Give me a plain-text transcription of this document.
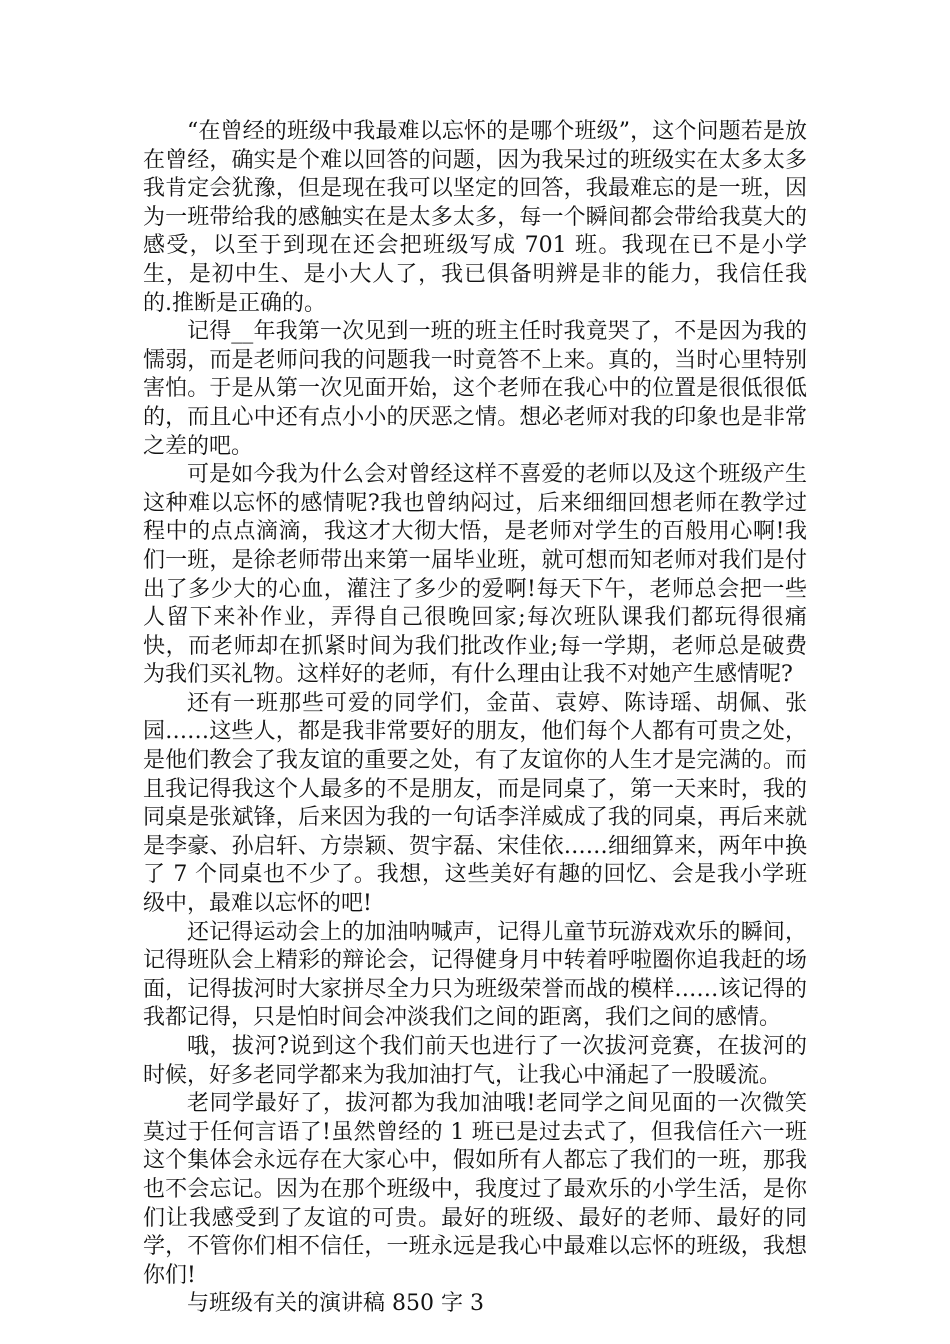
“在曾经的班级中我最难以忘怀的是哪个班级”，这个问题若是放在曾经，确实是个难以回答的问题，因为我呆过的班级实在太多太多我肯定会犹豫，但是现在我可以坚定的回答，我最难忘的是一班，因为一班带给我的感触实在是太多太多，每一个瞬间都会带给我莫大的感受，以至于到现在还会把班级写成 701 班。我现在已不是小学生，是初中生、是小大人了，我已俱备明辨是非的能力，我信任我的.推断是正确的。

记得__年我第一次见到一班的班主任时我竟哭了，不是因为我的懦弱，而是老师问我的问题我一时竟答不上来。真的，当时心里特别害怕。于是从第一次见面开始，这个老师在我心中的位置是很低很低的，而且心中还有点小小的厌恶之情。想必老师对我的印象也是非常之差的吧。

可是如今我为什么会对曾经这样不喜爱的老师以及这个班级产生这种难以忘怀的感情呢?我也曾纳闷过，后来细细回想老师在教学过程中的点点滴滴，我这才大彻大悟，是老师对学生的百般用心啊!我们一班，是徐老师带出来第一届毕业班，就可想而知老师对我们是付出了多少大的心血，灌注了多少的爱啊!每天下午，老师总会把一些人留下来补作业，弄得自己很晚回家;每次班队课我们都玩得很痛快，而老师却在抓紧时间为我们批改作业;每一学期，老师总是破费为我们买礼物。这样好的老师，有什么理由让我不对她产生感情呢?

还有一班那些可爱的同学们，金苗、袁婷、陈诗瑶、胡佩、张园……这些人，都是我非常要好的朋友，他们每个人都有可贵之处，是他们教会了我友谊的重要之处，有了友谊你的人生才是完满的。而且我记得我这个人最多的不是朋友，而是同桌了，第一天来时，我的同桌是张斌锋，后来因为我的一句话李洋威成了我的同桌，再后来就是李豪、孙启轩、方崇颖、贺宇磊、宋佳依……细细算来，两年中换了 7 个同桌也不少了。我想，这些美好有趣的回忆、会是我小学班级中，最难以忘怀的吧!

还记得运动会上的加油呐喊声，记得儿童节玩游戏欢乐的瞬间，记得班队会上精彩的辩论会，记得健身月中转着呼啦圈你追我赶的场面，记得拔河时大家拼尽全力只为班级荣誉而战的模样……该记得的我都记得，只是怕时间会冲淡我们之间的距离，我们之间的感情。

哦，拔河?说到这个我们前天也进行了一次拔河竞赛，在拔河的时候，好多老同学都来为我加油打气，让我心中涌起了一股暖流。

老同学最好了，拔河都为我加油哦!老同学之间见面的一次微笑莫过于任何言语了!虽然曾经的 1 班已是过去式了，但我信任六一班这个集体会永远存在大家心中，假如所有人都忘了我们的一班，那我也不会忘记。因为在那个班级中，我度过了最欢乐的小学生活，是你们让我感受到了友谊的可贵。最好的班级、最好的老师、最好的同学，不管你们相不信任，一班永远是我心中最难以忘怀的班级，我想你们!

与班级有关的演讲稿 850 字 3
